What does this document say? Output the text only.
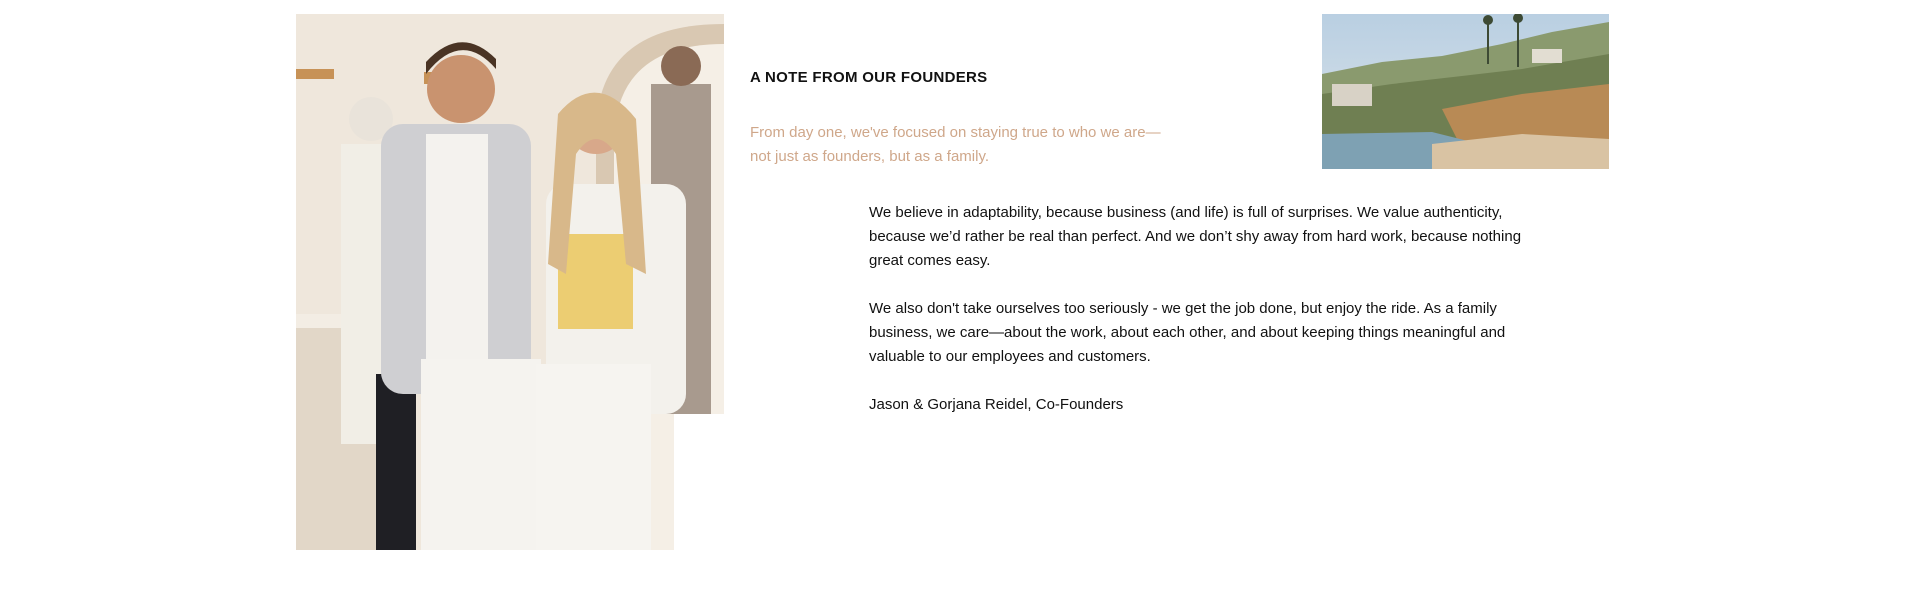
A NOTE FROM OUR FOUNDERS
From day one, we've focused on staying true to who we are—
not just as founders, but as a family.

We believe in adaptability, because business (and life) is full of surprises. We value authenticity,
because we’d rather be real than perfect. And we don’t shy away from hard work, because nothing
great comes easy.

We also don't take ourselves too seriously - we get the job done, but enjoy the ride. As a family
business, we care—about the work, about each other, and about keeping things meaningful and
valuable to our employees and customers.

Jason & Gorjana Reidel, Co-Founders
